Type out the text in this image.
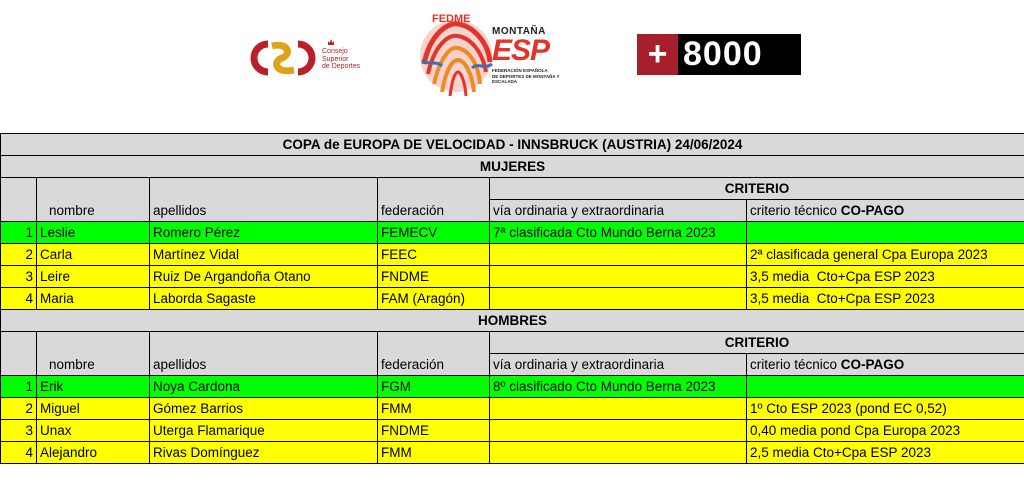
Consejo
Superior
de Deportes
FEDME
MONTAÑA
ESP
FEDERACIÓN ESPAÑOLA
DE DEPORTES DE MONTAÑA Y ESCALADA
+ 8000
COPA de EUROPA DE VELOCIDAD - INNSBRUCK (AUSTRIA) 24/06/2024					
MUJERES					
				CRITERIO	
	nombre	apellidos	federación	vía ordinaria y extraordinaria	criterio técnico CO-PAGO
1	Leslie	Romero Pérez	FEMECV	7ª clasificada Cto Mundo Berna 2023	
2	Carla	Martínez Vidal	FEEC		2ª clasificada general Cpa Europa 2023
3	Leire	Ruiz De Argandoña Otano	FNDME		3,5 media  Cto+Cpa ESP 2023
4	Maria	Laborda Sagaste	FAM (Aragón)		3,5 media  Cto+Cpa ESP 2023
HOMBRES					
				CRITERIO	
	nombre	apellidos	federación	vía ordinaria y extraordinaria	criterio técnico CO-PAGO
1	Erik	Noya Cardona	FGM	8º clasificado Cto Mundo Berna 2023	
2	Miguel	Gómez Barrios	FMM		1º Cto ESP 2023 (pond EC 0,52)
3	Unax	Uterga Flamarique	FNDME		0,40 media pond Cpa Europa 2023
4	Alejandro	Rivas Domínguez	FMM		2,5 media Cto+Cpa ESP 2023
